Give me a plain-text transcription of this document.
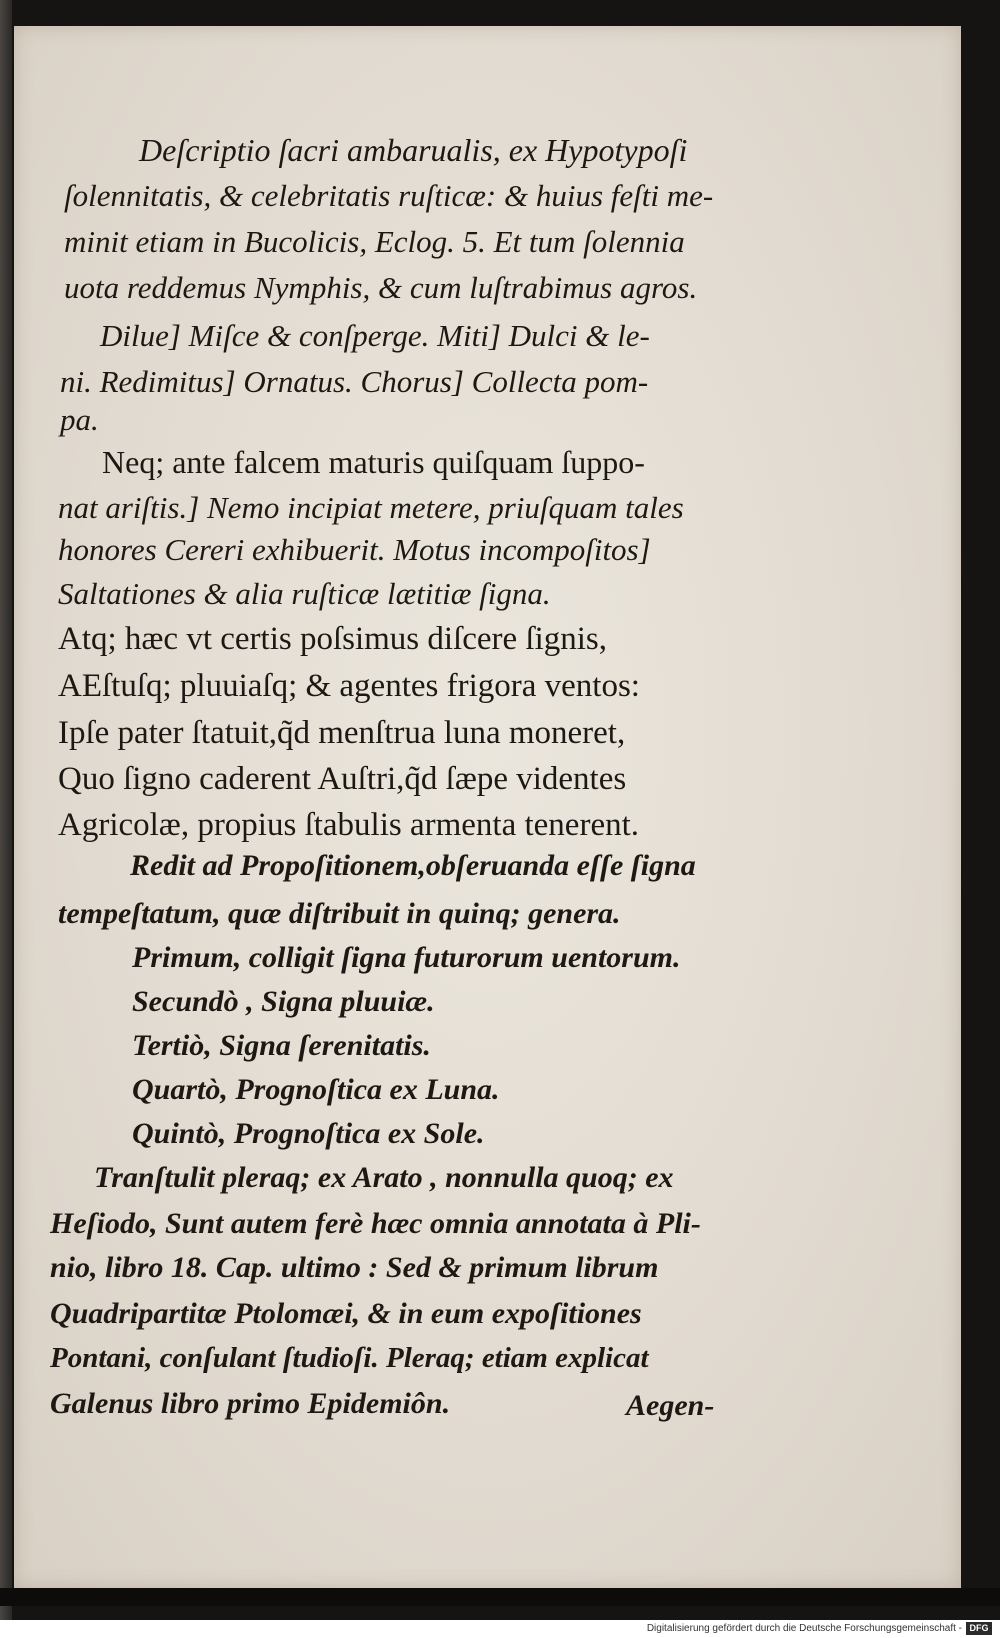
Deſcriptio ſacri ambarualis, ex Hypotypoſi
ſolennitatis, & celebritatis ruſticæ: & huius feſti me-
minit etiam in Bucolicis, Eclog. 5. Et tum ſolennia
uota reddemus Nymphis, & cum luſtrabimus agros.
Dilue] Miſce & conſperge. Miti] Dulci & le-
ni. Redimitus] Ornatus. Chorus] Collecta pom-
pa.
Neq; ante falcem maturis quiſquam ſuppo-
nat ariſtis.] Nemo incipiat metere, priuſquam tales
honores Cereri exhibuerit. Motus incompoſitos]
Saltationes & alia ruſticæ lætitiæ ſigna.
Atq; hæc vt certis poſsimus diſcere ſignis,
AEſtuſq; pluuiaſq; & agentes frigora ventos:
Ipſe pater ſtatuit,q̃d menſtrua luna moneret,
Quo ſigno caderent Auſtri,q̃d ſæpe videntes
Agricolæ, propius ſtabulis armenta tenerent.
Redit ad Propoſitionem,obſeruanda eſſe ſigna
tempeſtatum, quæ diſtribuit in quinq; genera.
Primum, colligit ſigna futurorum uentorum.
Secundò , Signa pluuiæ.
Tertiò, Signa ſerenitatis.
Quartò, Prognoſtica ex Luna.
Quintò, Prognoſtica ex Sole.
Tranſtulit pleraq; ex Arato , nonnulla quoq; ex
Heſiodo, Sunt autem ferè hæc omnia annotata à Pli-
nio, libro 18. Cap. ultimo : Sed & primum librum
Quadripartitæ Ptolomæi, & in eum expoſitiones
Pontani, conſulant ſtudioſi. Pleraq; etiam explicat
Galenus libro primo Epidemiôn.	Aegen-
Digitalisierung gefördert durch die Deutsche Forschungsgemeinschaft - DFG
